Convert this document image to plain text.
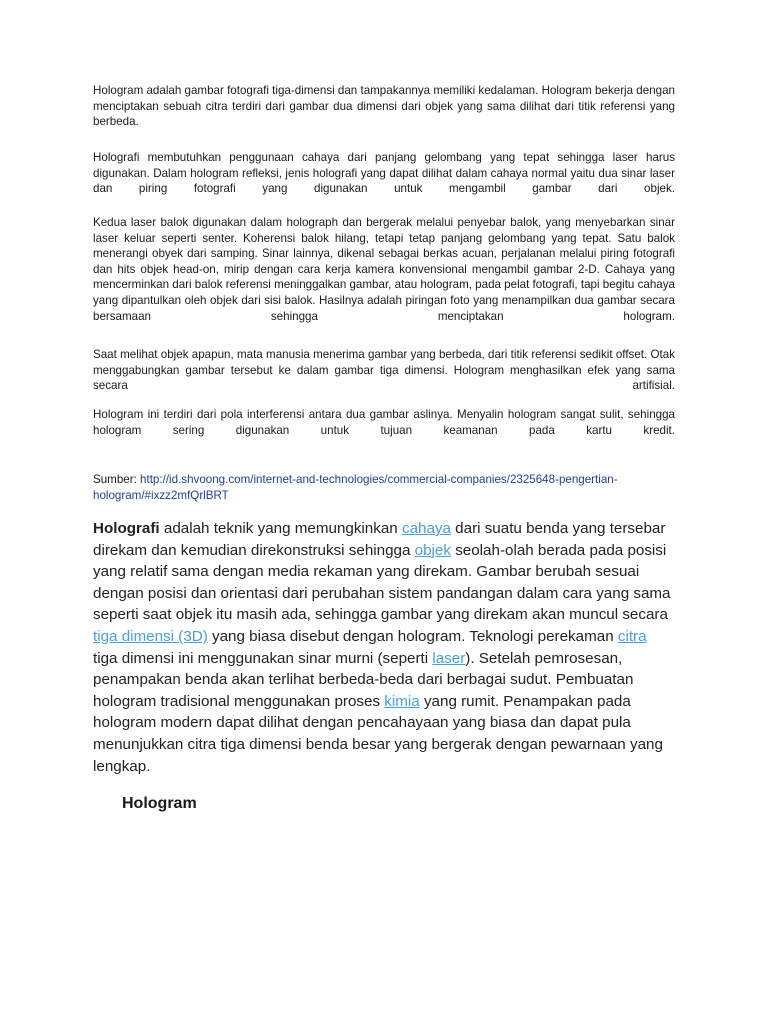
Hologram adalah gambar fotografi tiga-dimensi dan tampakannya memiliki kedalaman. Hologram bekerja dengan menciptakan sebuah citra terdiri dari gambar dua dimensi dari objek yang sama dilihat dari titik referensi yang berbeda.

Holografi membutuhkan penggunaan cahaya dari panjang gelombang yang tepat sehingga laser harus digunakan. Dalam hologram refleksi, jenis holografi yang dapat dilihat dalam cahaya normal yaitu dua sinar laser dan piring fotografi yang digunakan untuk mengambil gambar dari objek.

Kedua laser balok digunakan dalam holograph dan bergerak melalui penyebar balok, yang menyebarkan sinar laser keluar seperti senter. Koherensi balok hilang, tetapi tetap panjang gelombang yang tepat. Satu balok menerangi obyek dari samping. Sinar lainnya, dikenal sebagai berkas acuan, perjalanan melalui piring fotografi dan hits objek head-on, mirip dengan cara kerja kamera konvensional mengambil gambar 2-D. Cahaya yang mencerminkan dari balok referensi meninggalkan gambar, atau hologram, pada pelat fotografi, tapi begitu cahaya yang dipantulkan oleh objek dari sisi balok. Hasilnya adalah piringan foto yang menampilkan dua gambar secara bersamaan sehingga menciptakan hologram.

Saat melihat objek apapun, mata manusia menerima gambar yang berbeda, dari titik referensi sedikit offset. Otak menggabungkan gambar tersebut ke dalam gambar tiga dimensi. Hologram menghasilkan efek yang sama secara artifisial.

Hologram ini terdiri dari pola interferensi antara dua gambar aslinya. Menyalin hologram sangat sulit, sehingga hologram sering digunakan untuk tujuan keamanan pada kartu kredit.

Sumber: http://id.shvoong.com/internet-and-technologies/commercial-companies/2325648-pengertian-hologram/#ixzz2mfQrlBRT

Holografi adalah teknik yang memungkinkan cahaya dari suatu benda yang tersebar direkam dan kemudian direkonstruksi sehingga objek seolah-olah berada pada posisi yang relatif sama dengan media rekaman yang direkam. Gambar berubah sesuai dengan posisi dan orientasi dari perubahan sistem pandangan dalam cara yang sama seperti saat objek itu masih ada, sehingga gambar yang direkam akan muncul secara tiga dimensi (3D) yang biasa disebut dengan hologram. Teknologi perekaman citra tiga dimensi ini menggunakan sinar murni (seperti laser). Setelah pemrosesan, penampakan benda akan terlihat berbeda-beda dari berbagai sudut. Pembuatan hologram tradisional menggunakan proses kimia yang rumit. Penampakan pada hologram modern dapat dilihat dengan pencahayaan yang biasa dan dapat pula menunjukkan citra tiga dimensi benda besar yang bergerak dengan pewarnaan yang lengkap.

Hologram
